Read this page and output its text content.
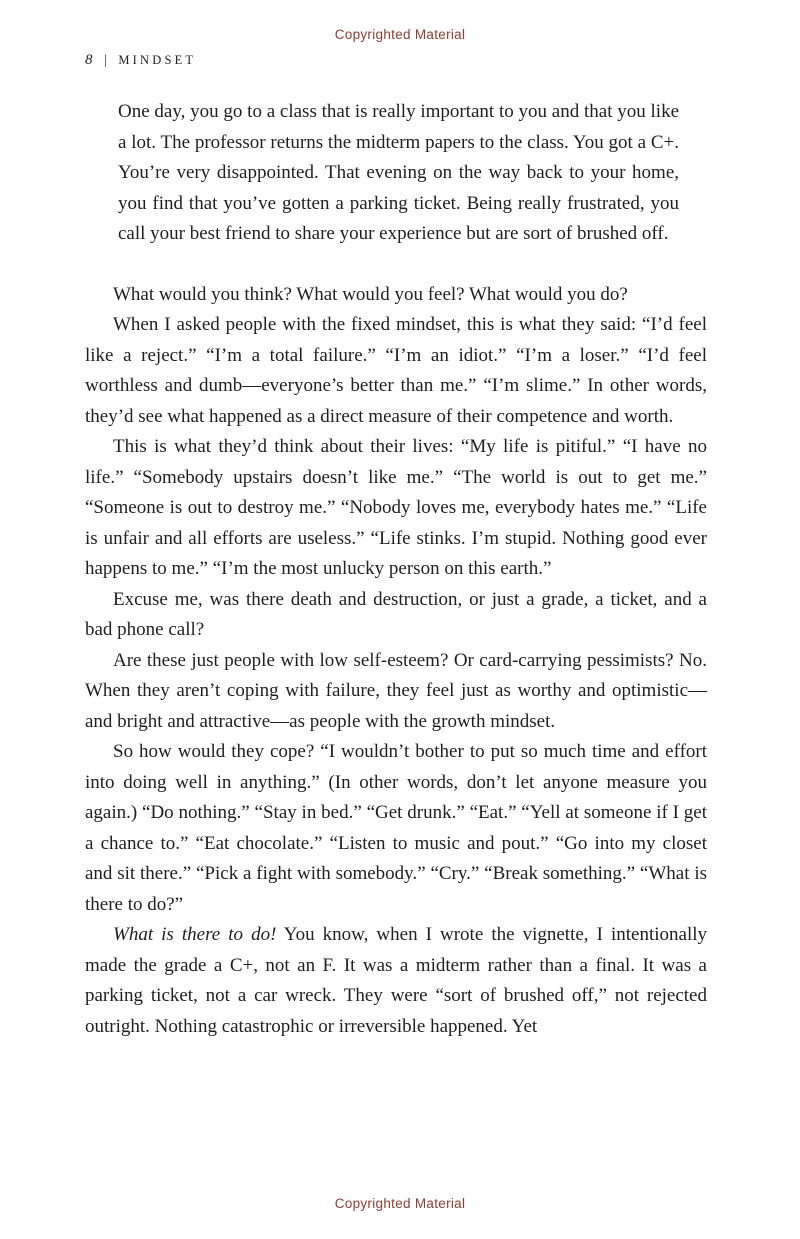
Copyrighted Material
8 | MINDSET

One day, you go to a class that is really important to you and that you like a lot. The professor returns the midterm papers to the class. You got a C+. You’re very disappointed. That evening on the way back to your home, you find that you’ve gotten a parking ticket. Being really frustrated, you call your best friend to share your experience but are sort of brushed off.

What would you think? What would you feel? What would you do?

When I asked people with the fixed mindset, this is what they said: “I’d feel like a reject.” “I’m a total failure.” “I’m an idiot.” “I’m a loser.” “I’d feel worthless and dumb—everyone’s better than me.” “I’m slime.” In other words, they’d see what happened as a direct measure of their competence and worth.

This is what they’d think about their lives: “My life is pitiful.” “I have no life.” “Somebody upstairs doesn’t like me.” “The world is out to get me.” “Someone is out to destroy me.” “Nobody loves me, everybody hates me.” “Life is unfair and all efforts are useless.” “Life stinks. I’m stupid. Nothing good ever happens to me.” “I’m the most unlucky person on this earth.”

Excuse me, was there death and destruction, or just a grade, a ticket, and a bad phone call?

Are these just people with low self-esteem? Or card-carrying pessimists? No. When they aren’t coping with failure, they feel just as worthy and optimistic—and bright and attractive—as people with the growth mindset.

So how would they cope? “I wouldn’t bother to put so much time and effort into doing well in anything.” (In other words, don’t let anyone measure you again.) “Do nothing.” “Stay in bed.” “Get drunk.” “Eat.” “Yell at someone if I get a chance to.” “Eat chocolate.” “Listen to music and pout.” “Go into my closet and sit there.” “Pick a fight with somebody.” “Cry.” “Break something.” “What is there to do?”

What is there to do! You know, when I wrote the vignette, I intentionally made the grade a C+, not an F. It was a midterm rather than a final. It was a parking ticket, not a car wreck. They were “sort of brushed off,” not rejected outright. Nothing catastrophic or irreversible happened. Yet

Copyrighted Material
